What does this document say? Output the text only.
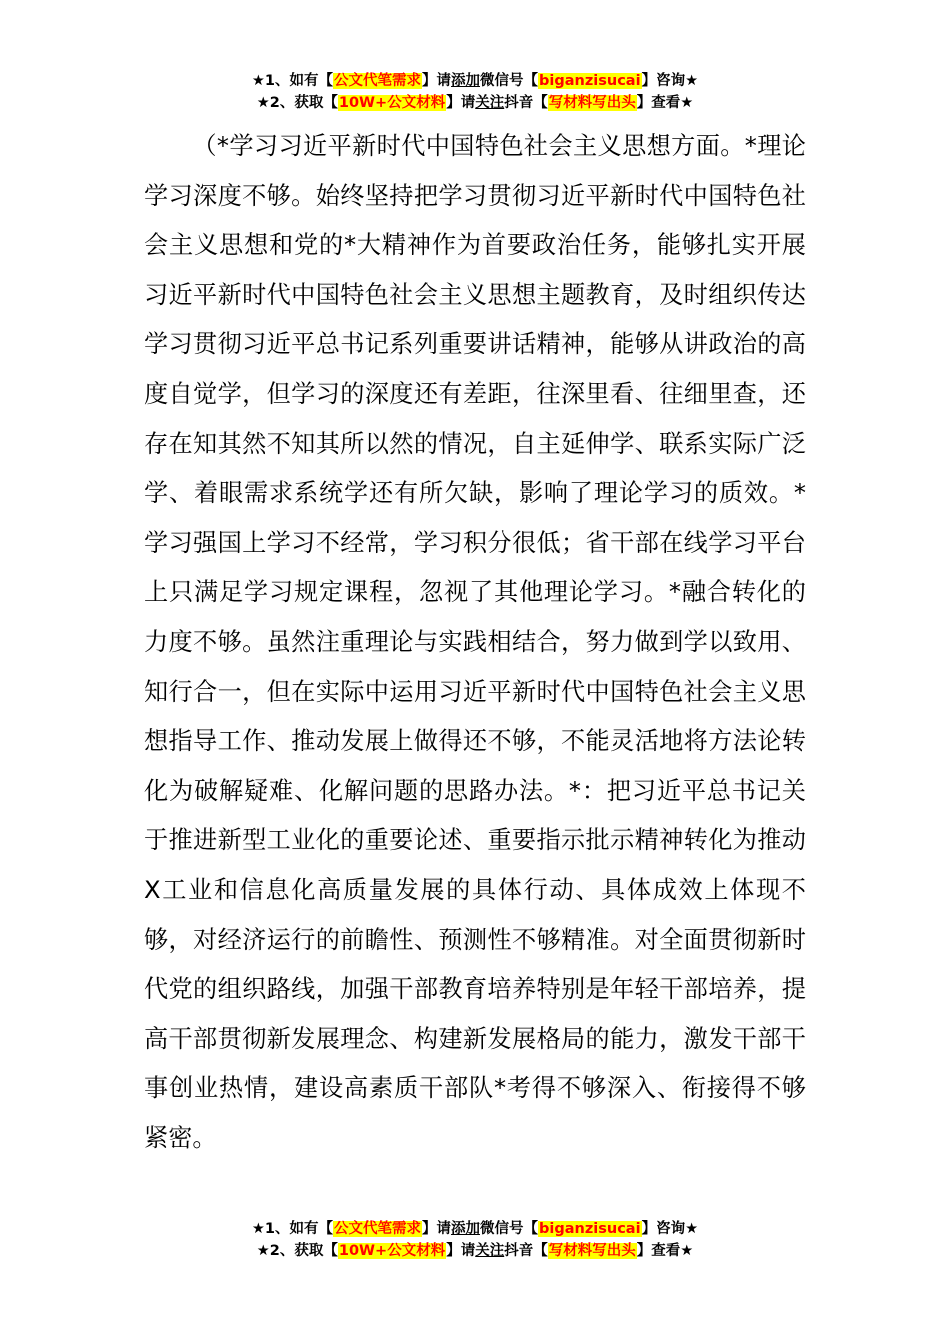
★1、如有【公文代笔需求】请添加微信号【biganzisucai】咨询★
★2、获取【10W+公文材料】请关注抖音【写材料写出头】查看★

（*学习习近平新时代中国特色社会主义思想方面。*理论学习深度不够。始终坚持把学习贯彻习近平新时代中国特色社会主义思想和党的*大精神作为首要政治任务，能够扎实开展习近平新时代中国特色社会主义思想主题教育，及时组织传达学习贯彻习近平总书记系列重要讲话精神，能够从讲政治的高度自觉学，但学习的深度还有差距，往深里看、往细里查，还存在知其然不知其所以然的情况，自主延伸学、联系实际广泛学、着眼需求系统学还有所欠缺，影响了理论学习的质效。*学习强国上学习不经常，学习积分很低；省干部在线学习平台上只满足学习规定课程，忽视了其他理论学习。*融合转化的力度不够。虽然注重理论与实践相结合，努力做到学以致用、知行合一，但在实际中运用习近平新时代中国特色社会主义思想指导工作、推动发展上做得还不够，不能灵活地将方法论转化为破解疑难、化解问题的思路办法。*：把习近平总书记关于推进新型工业化的重要论述、重要指示批示精神转化为推动X工业和信息化高质量发展的具体行动、具体成效上体现不够，对经济运行的前瞻性、预测性不够精准。对全面贯彻新时代党的组织路线，加强干部教育培养特别是年轻干部培养，提高干部贯彻新发展理念、构建新发展格局的能力，激发干部干事创业热情，建设高素质干部队*考得不够深入、衔接得不够紧密。

★1、如有【公文代笔需求】请添加微信号【biganzisucai】咨询★
★2、获取【10W+公文材料】请关注抖音【写材料写出头】查看★
